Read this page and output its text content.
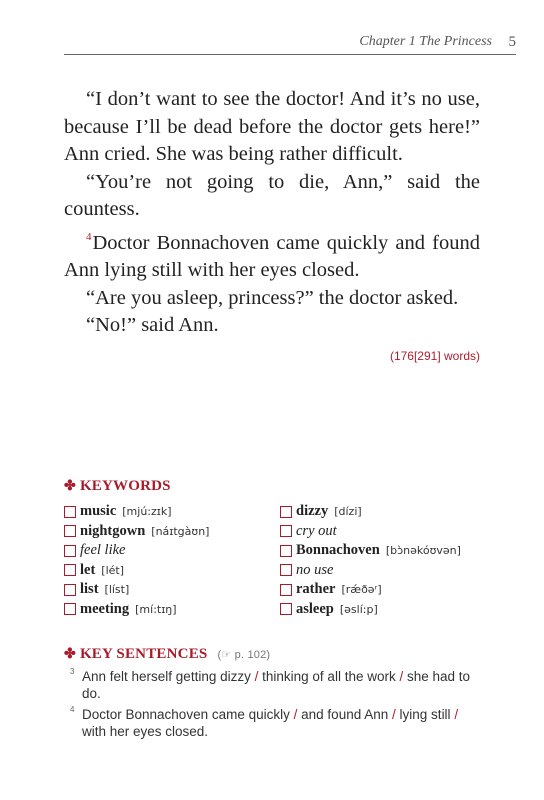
Chapter 1 The Princess 5

“I don’t want to see the doctor! And it’s no use, because I’ll be dead before the doctor gets here!” Ann cried. She was being rather difficult.

“You’re not going to die, Ann,” said the countess.

$^4$Doctor Bonnachoven came quickly and found Ann lying still with her eyes closed.

“Are you asleep, princess?” the doctor asked.

“No!” said Ann.

(176[291] words)
✤ KEYWORDS
music [mjú:zɪk]
nightgown [náɪtgàʊn]
feel like
let [lét]
list [líst]
meeting [mí:tɪŋ]
dizzy [dízi]
cry out
Bonnachoven [bɔ̀nəkóʊvən]
no use
rather [rǽðəʳ]
asleep [əslí:p]
✤ KEY SENTENCES (☞ p. 102)
3 Ann felt herself getting dizzy / thinking of all the work / she had to do.
4 Doctor Bonnachoven came quickly / and found Ann / lying still / with her eyes closed.
